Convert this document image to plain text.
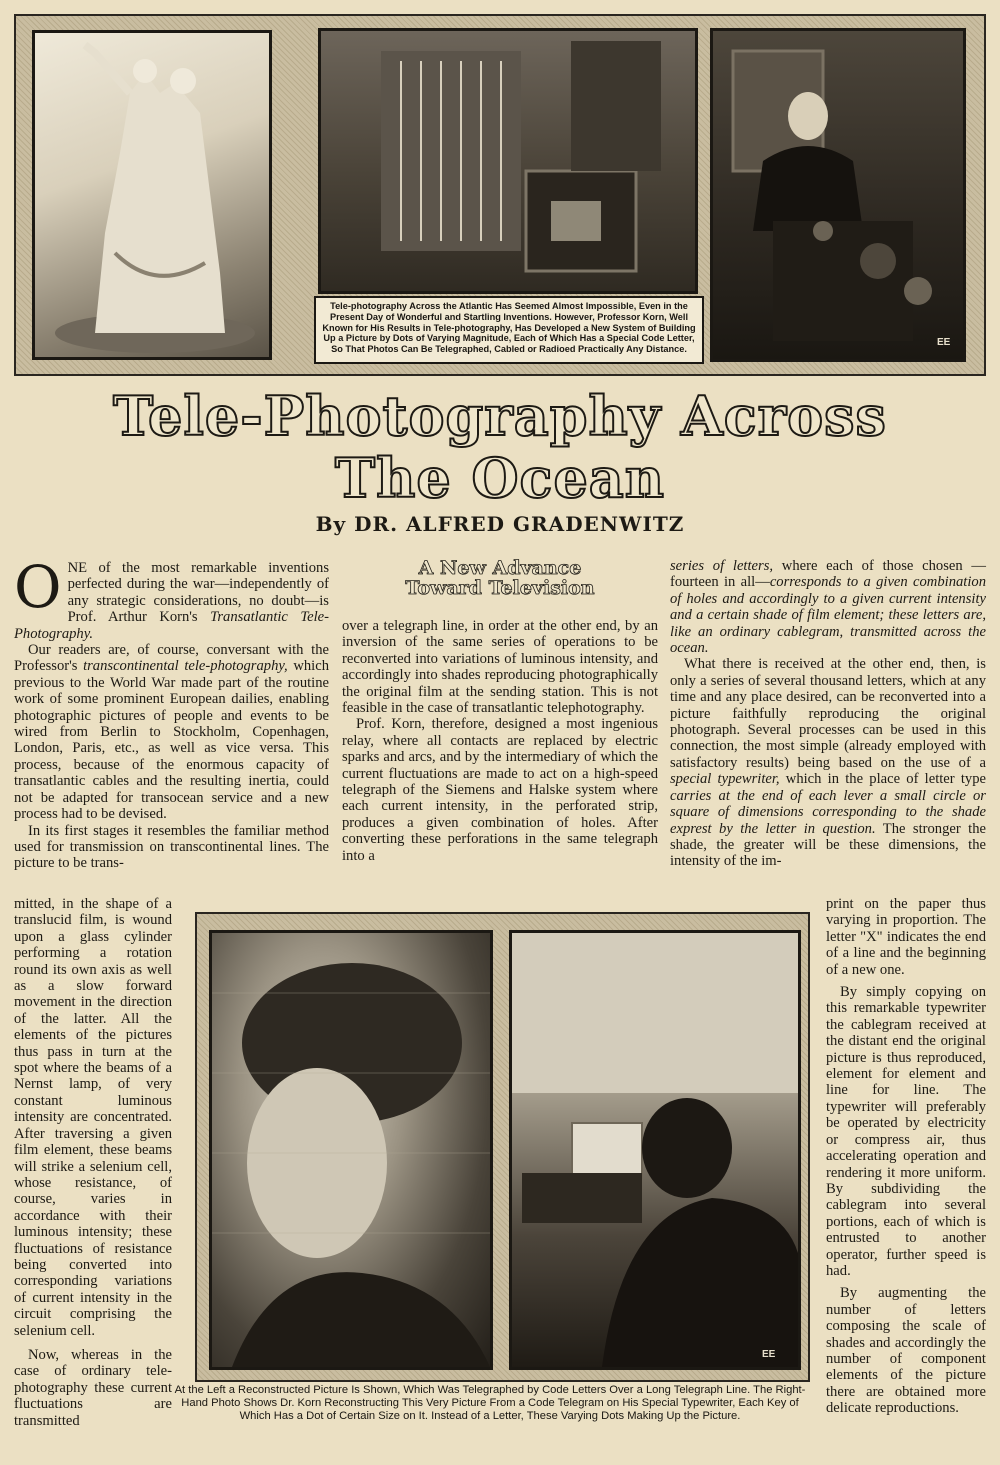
Tele-photography Across the Atlantic Has Seemed Almost Impossible, Even in the Present Day of Wonderful and Startling Inventions. However, Professor Korn, Well Known for His Results in Tele-photography, Has Developed a New System of Building Up a Picture by Dots of Varying Magnitude, Each of Which Has a Special Code Letter, So That Photos Can Be Telegraphed, Cabled or Radioed Practically Any Distance.
EE
Tele-Photography Across
The Ocean
By DR. ALFRED GRADENWITZ

ONE of the most remarkable inventions perfected during the war—independently of any strategic considerations, no doubt—is Prof. Arthur Korn's Transatlantic Tele-Photography.

Our readers are, of course, conversant with the Professor's transcontinental tele-photography, which previous to the World War made part of the routine work of some prominent European dailies, enabling photographic pictures of people and events to be wired from Berlin to Stockholm, Copenhagen, London, Paris, etc., as well as vice versa. This process, because of the enormous capacity of transatlantic cables and the resulting inertia, could not be adapted for transocean service and a new process had to be devised.

In its first stages it resembles the familiar method used for transmission on transcontinental lines. The picture to be trans-

mitted, in the shape of a translucid film, is wound upon a glass cylinder performing a rotation round its own axis as well as a slow forward movement in the direction of the latter. All the elements of the pictures thus pass in turn at the spot where the beams of a Nernst lamp, of very constant luminous intensity are concentrated. After traversing a given film element, these beams will strike a selenium cell, whose resistance, of course, varies in accordance with their luminous intensity; these fluctuations of resistance being converted into corresponding variations of current intensity in the circuit comprising the selenium cell.

Now, whereas in the case of ordinary tele-photography these current fluctuations are transmitted

A New Advance
Toward Television

over a telegraph line, in order at the other end, by an inversion of the same series of operations to be reconverted into variations of luminous intensity, and accordingly into shades reproducing photographically the original film at the sending station. This is not feasible in the case of transatlantic telephotography.

Prof. Korn, therefore, designed a most ingenious relay, where all contacts are replaced by electric sparks and arcs, and by the intermediary of which the current fluctuations are made to act on a high-speed telegraph of the Siemens and Halske system where each current intensity, in the perforated strip, produces a given combination of holes. After converting these perforations in the same telegraph into a

series of letters, where each of those chosen —fourteen in all—corresponds to a given combination of holes and accordingly to a given current intensity and a certain shade of film element; these letters are, like an ordinary cablegram, transmitted across the ocean.

What there is received at the other end, then, is only a series of several thousand letters, which at any time and any place desired, can be reconverted into a picture faithfully reproducing the original photograph. Several processes can be used in this connection, the most simple (already employed with satisfactory results) being based on the use of a special typewriter, which in the place of letter type carries at the end of each lever a small circle or square of dimensions corresponding to the shade exprest by the letter in question. The stronger the shade, the greater will be these dimensions, the intensity of the im-

print on the paper thus varying in proportion. The letter "X" indicates the end of a line and the beginning of a new one.

By simply copying on this remarkable typewriter the cablegram received at the distant end the original picture is thus reproduced, element for element and line for line. The typewriter will preferably be operated by electricity or compress air, thus accelerating operation and rendering it more uniform. By subdividing the cablegram into several portions, each of which is entrusted to another operator, further speed is had.

By augmenting the number of letters composing the scale of shades and accordingly the number of component elements of the picture there are obtained more delicate reproductions.

EE
At the Left a Reconstructed Picture Is Shown, Which Was Telegraphed by Code Letters Over a Long Telegraph Line. The Right-Hand Photo Shows Dr. Korn Reconstructing This Very Picture From a Code Telegram on His Special Typewriter, Each Key of Which Has a Dot of Certain Size on It. Instead of a Letter, These Varying Dots Making Up the Picture.
